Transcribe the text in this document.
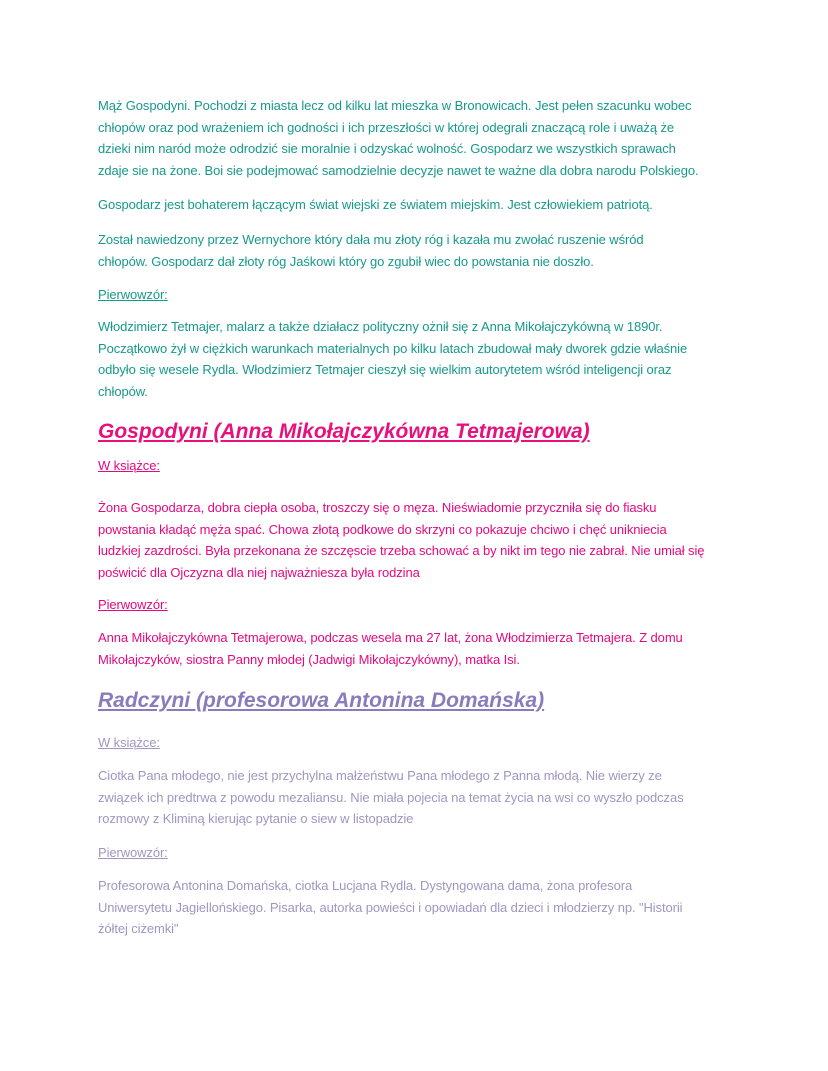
Mąż Gospodyni. Pochodzi z miasta lecz od kilku lat mieszka w Bronowicach. Jest pełen szacunku wobec
chłopów oraz pod wrażeniem ich godności i ich przeszłości w której odegrali znaczącą role i uważą że
dzieki nim naród może odrodzić sie moralnie i odzyskać wolność. Gospodarz we wszystkich sprawach
zdaje sie na żone. Boi sie podejmować samodzielnie decyzje nawet te ważne dla dobra narodu Polskiego.
Gospodarz jest bohaterem łączącym świat wiejski ze światem miejskim. Jest człowiekiem patriotą.
Został nawiedzony przez Wernychore który dała mu złoty róg i kazała mu zwołać ruszenie wśród
chłopów. Gospodarz dał złoty róg Jaśkowi który go zgubił wiec do powstania nie doszło.
Pierwowzór:
Włodzimierz Tetmajer, malarz a także działacz polityczny ożnił się z Anna Mikołajczykówną w 1890r.
Początkowo żył w ciężkich warunkach materialnych po kilku latach zbudował mały dworek gdzie właśnie
odbyło się wesele Rydla. Włodzimierz Tetmajer cieszył się wielkim autorytetem wśród inteligencji oraz
chłopów.
Gospodyni (Anna Mikołajczykówna Tetmajerowa)
W książce:
Żona Gospodarza, dobra ciepła osoba, troszczy się o męza. Nieświadomie przyczniła się do fiasku
powstania kładąć męża spać. Chowa złotą podkowe do skrzyni co pokazuje chciwo i chęć unikniecia
ludzkiej zazdrości. Była przekonana że szczęscie trzeba schować a by nikt im tego nie zabrał. Nie umiał się
poświcić dla Ojczyzna dla niej najważniesza była rodzina
Pierwowzór:
Anna Mikołajczykówna Tetmajerowa, podczas wesela ma 27 lat, żona Włodzimierza Tetmajera. Z domu
Mikołajczyków, siostra Panny młodej (Jadwigi Mikołajczykówny), matka Isi.
Radczyni (profesorowa Antonina Domańska)
W książce:
Ciotka Pana młodego, nie jest przychylna małżeństwu Pana młodego z Panna młodą. Nie wierzy ze
związek ich predtrwa z powodu mezaliansu. Nie miała pojecia na temat życia na wsi co wyszło podczas
rozmowy z Kliminą kierując pytanie o siew w listopadzie
Pierwowzór:
Profesorowa Antonina Domańska, ciotka Lucjana Rydla. Dystyngowana dama, żona profesora
Uniwersytetu Jagiellońskiego. Pisarka, autorka powieści i opowiadań dla dzieci i młodzierzy np. "Historii
żółtej ciżemki"
